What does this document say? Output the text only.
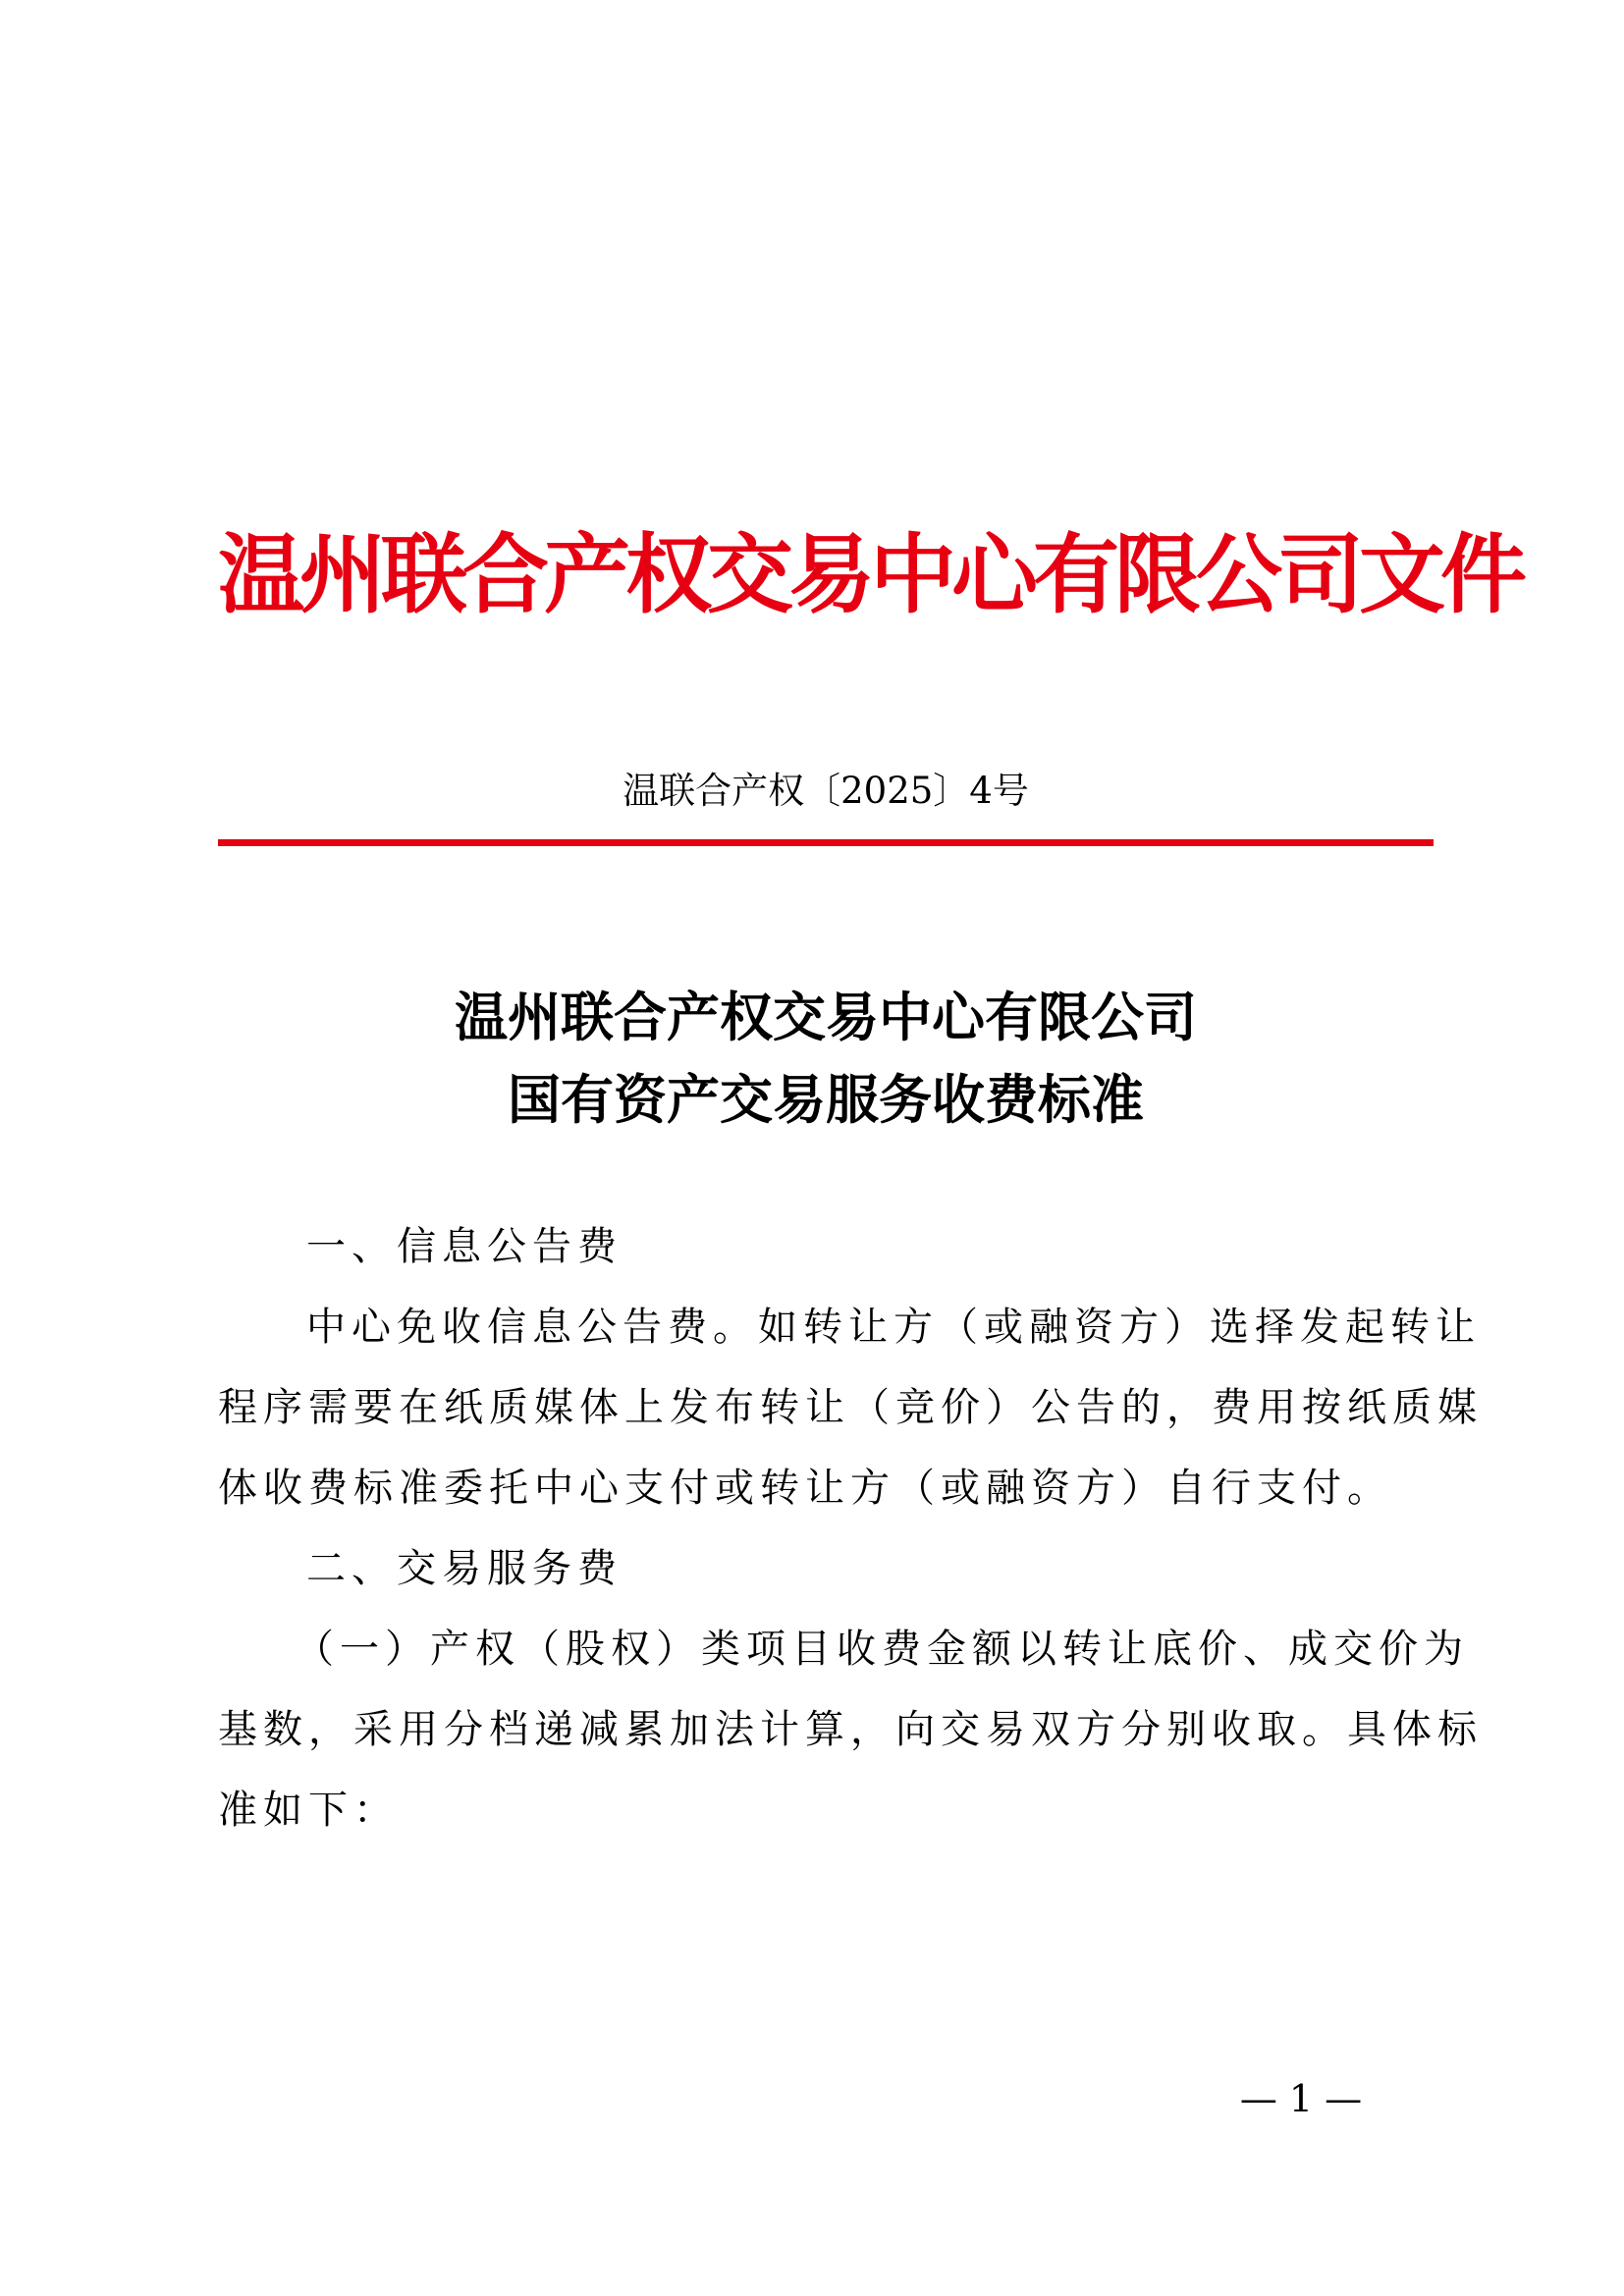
温州联合产权交易中心有限公司文件
温联合产权〔2025〕4号
温州联合产权交易中心有限公司
国有资产交易服务收费标准
一、信息公告费
中心免收信息公告费。如转让方（或融资方）选择发起转让
程序需要在纸质媒体上发布转让（竞价）公告的，费用按纸质媒
体收费标准委托中心支付或转让方（或融资方）自行支付。
二、交易服务费
（一）产权（股权）类项目收费金额以转让底价、成交价为
基数，采用分档递减累加法计算，向交易双方分别收取。具体标
准如下：
— 1 —
